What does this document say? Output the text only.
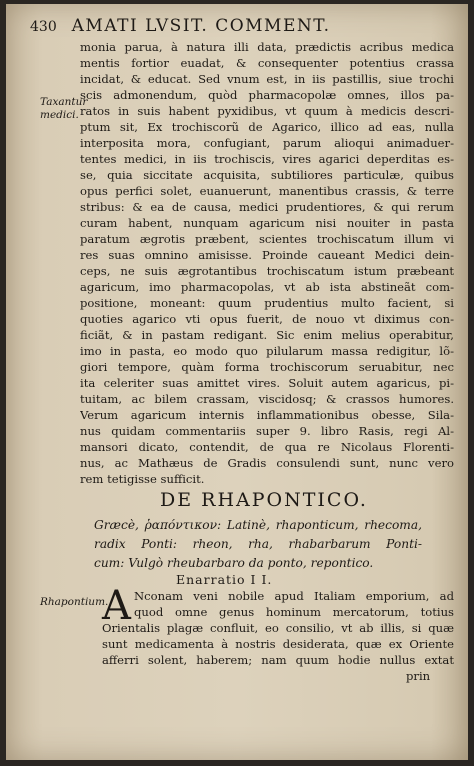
430 AMATI LVSIT. COMMENT.
Taxantur medici.
monia parua, à natura illi data, prædictis acribus medica
mentis fortior euadat, & consequenter potentius crassa
incidat, & educat. Sed vnum est, in iis pastillis, siue trochi
scis admonendum, quòd pharmacopolæ omnes, illos pa-
ratos in suis habent pyxidibus, vt quum à medicis descri-
ptum sit, Ex trochiscorũ de Agarico, illico ad eas, nulla
interposita mora, confugiant, parum alioqui animaduer-
tentes medici, in iis trochiscis, vires agarici deperditas es-
se, quia siccitate acquisita, subtiliores particulæ, quibus
opus perfici solet, euanuerunt, manentibus crassis, & terre
stribus: & ea de causa, medici prudentiores, & qui rerum
curam habent, nunquam agaricum nisi nouiter in pasta
paratum ægrotis præbent, scientes trochiscatum illum vi
res suas omnino amisisse. Proinde caueant Medici dein-
ceps, ne suis ægrotantibus trochiscatum istum præbeant
agaricum, imo pharmacopolas, vt ab ista abstineãt com-
positione, moneant: quum prudentius multo facient, si
quoties agarico vti opus fuerit, de nouo vt diximus con-
ficiãt, & in pastam redigant. Sic enim melius operabitur,
imo in pasta, eo modo quo pilularum massa redigitur, lõ-
giori tempore, quàm forma trochiscorum seruabitur, nec
ita celeriter suas amittet vires. Soluit autem agaricus, pi-
tuitam, ac bilem crassam, viscidosq; & crassos humores.
Verum agaricum internis inflammationibus obesse, Sila-
nus quidam commentariis super 9. libro Rasis, regi Al-
mansori dicato, contendit, de qua re Nicolaus Florenti-
nus, ac Mathæus de Gradis consulendi sunt, nunc vero
rem tetigisse sufficit.
DE RHAPONTICO.
Græcè, ῥαπόντικον: Latinè, rhaponticum, rhecoma,
radix Ponti: rheon, rha, rhabarbarum Ponti-
cum: Vulgò rheubarbaro da ponto, repontico.
Enarratio I I.
Rhapontium.
A Nconam veni nobile apud Italiam emporium, ad
quod omne genus hominum mercatorum, totius
Orientalis plagæ confluit, eo consilio, vt ab illis, si quæ
sunt medicamenta à nostris desiderata, quæ ex Oriente
afferri solent, haberem; nam quum hodie nullus extat
prin
